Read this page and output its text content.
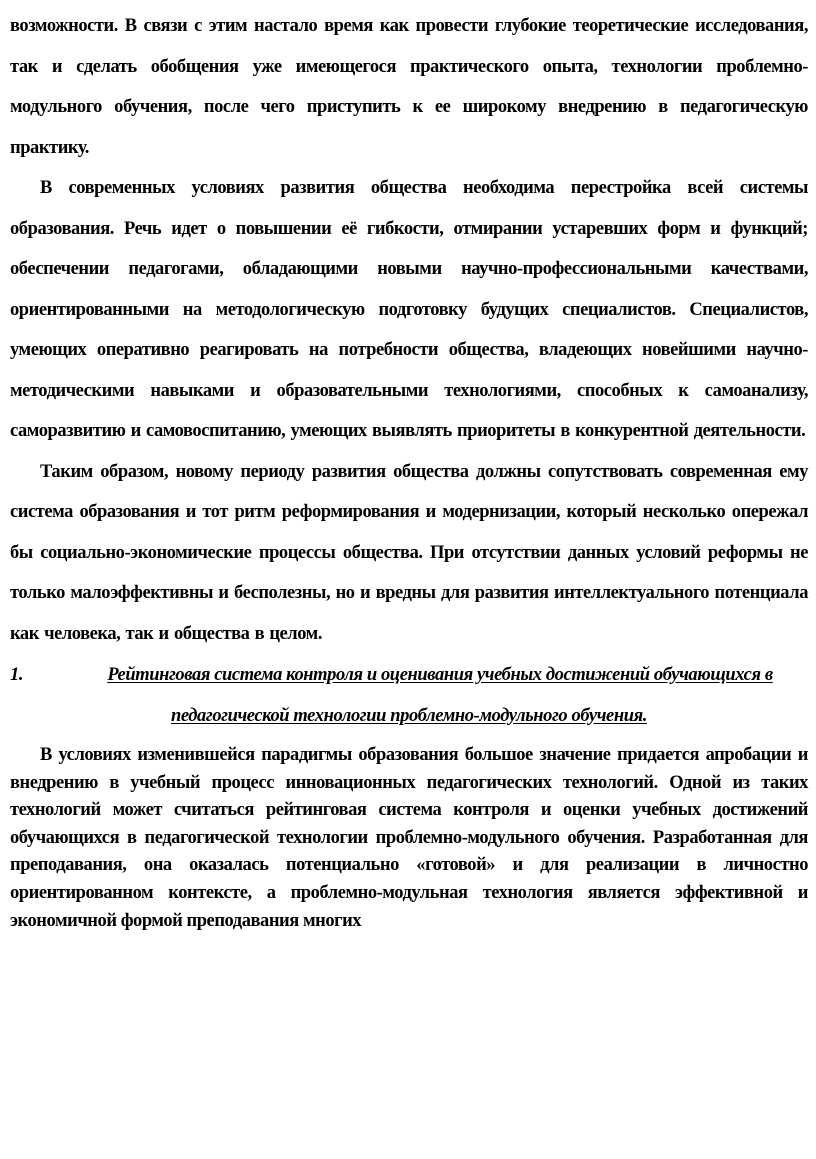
возможности. В связи с этим настало время как провести глубокие теоретические исследования, так и сделать обобщения уже имеющегося практического опыта, технологии проблемно-модульного обучения, после чего приступить к ее широкому внедрению в педагогическую практику.

В современных условиях развития общества необходима перестройка всей системы образования. Речь идет о повышении её гибкости, отмирании устаревших форм и функций; обеспечении педагогами, обладающими новыми научно-профессиональными качествами, ориентированными на методологическую подготовку будущих специалистов. Специалистов, умеющих оперативно реагировать на потребности общества, владеющих новейшими научно-методическими навыками и образовательными технологиями, способных к самоанализу, саморазвитию и самовоспитанию, умеющих выявлять приоритеты в конкурентной деятельности.

Таким образом, новому периоду развития общества должны сопутствовать современная ему система образования и тот ритм реформирования и модернизации, который несколько опережал бы социально-экономические процессы общества. При отсутствии данных условий реформы не только малоэффективны и бесполезны, но и вредны для развития интеллектуального потенциала как человека, так и общества в целом.

1.	Рейтинговая система контроля и оценивания учебных достижений обучающихся в педагогической технологии проблемно-модульного обучения.

В условиях изменившейся парадигмы образования большое значение придается апробации и внедрению в учебный процесс инновационных педагогических технологий. Одной из таких технологий может считаться рейтинговая система контроля и оценки учебных достижений обучающихся в педагогической технологии проблемно-модульного обучения. Разработанная для преподавания, она оказалась потенциально «готовой» и для реализации в личностно ориентированном контексте, а проблемно-модульная технология является эффективной и экономичной формой преподавания многих
